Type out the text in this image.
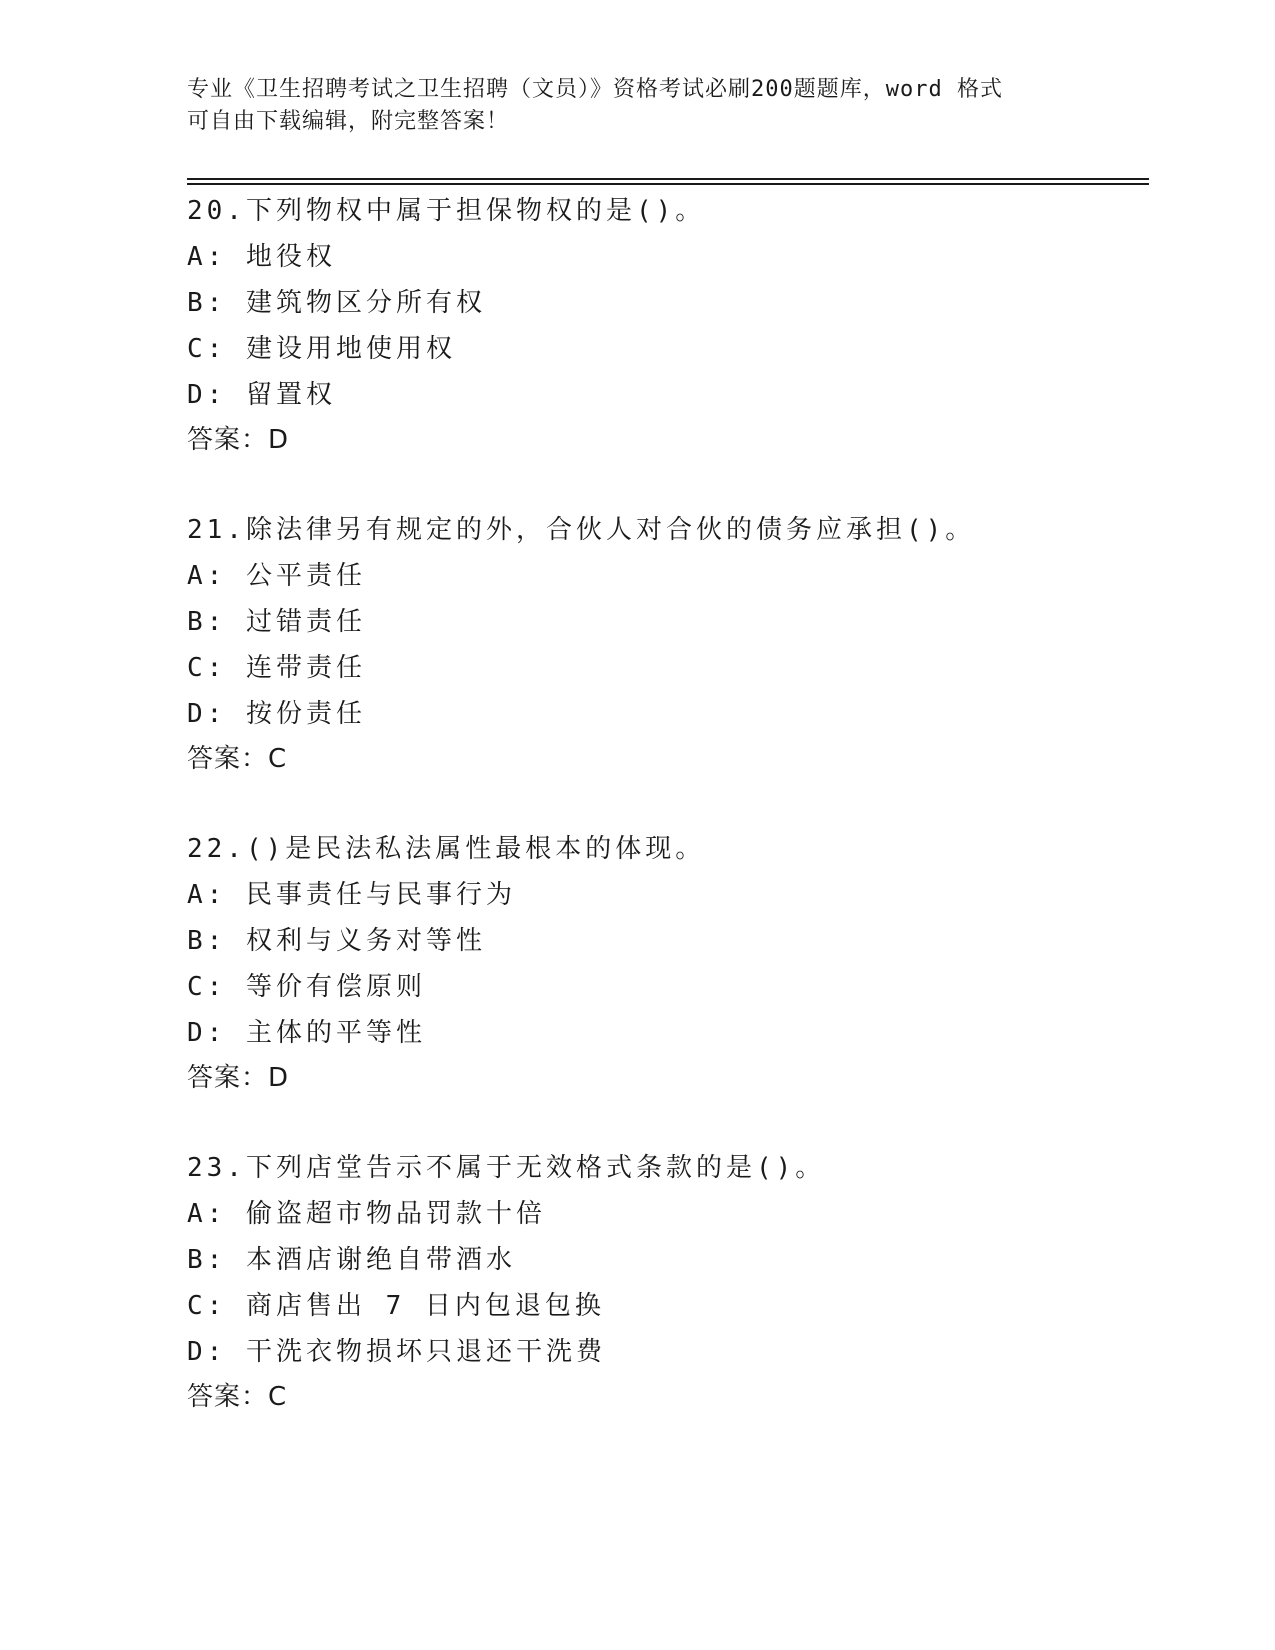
专业《卫生招聘考试之卫生招聘（文员）》资格考试必刷200题题库，word 格式
可自由下载编辑，附完整答案！
20.下列物权中属于担保物权的是()。
A: 地役权
B: 建筑物区分所有权
C: 建设用地使用权
D: 留置权
答案：D
21.除法律另有规定的外，合伙人对合伙的债务应承担()。
A: 公平责任
B: 过错责任
C: 连带责任
D: 按份责任
答案：C
22.()是民法私法属性最根本的体现。
A: 民事责任与民事行为
B: 权利与义务对等性
C: 等价有偿原则
D: 主体的平等性
答案：D
23.下列店堂告示不属于无效格式条款的是()。
A: 偷盗超市物品罚款十倍
B: 本酒店谢绝自带酒水
C: 商店售出 7 日内包退包换
D: 干洗衣物损坏只退还干洗费
答案：C
